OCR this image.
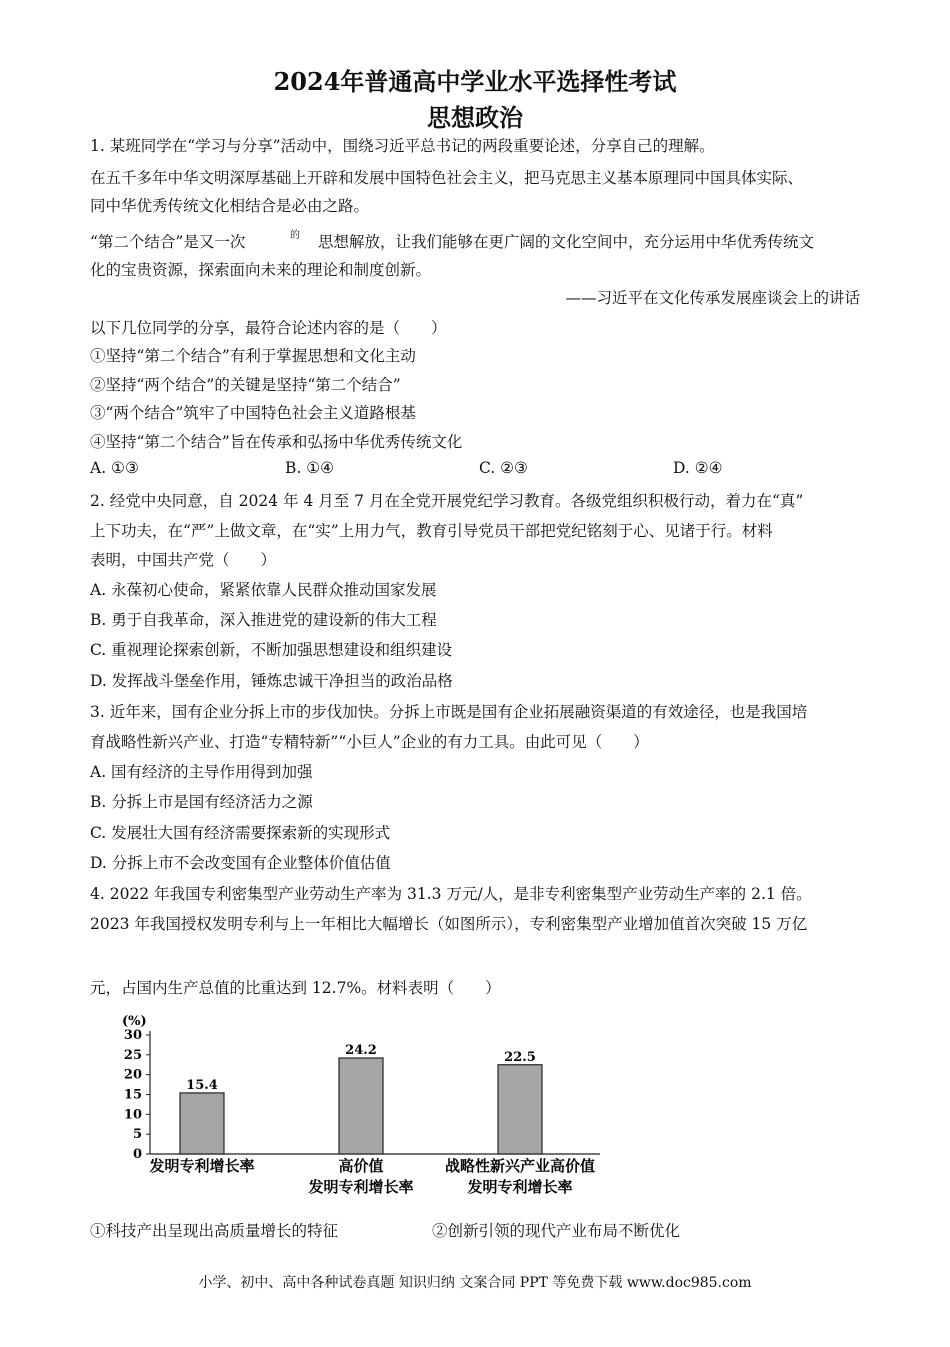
2024年普通高中学业水平选择性考试
思想政治
1. 某班同学在“学习与分享”活动中，围绕习近平总书记的两段重要论述，分享自己的理解。
在五千多年中华文明深厚基础上开辟和发展中国特色社会主义，把马克思主义基本原理同中国具体实际、
同中华优秀传统文化相结合是必由之路。
“第二个结合”是又一次	的 思想解放，让我们能够在更广阔的文化空间中，充分运用中华优秀传统文
化的宝贵资源，探索面向未来的理论和制度创新。
——习近平在文化传承发展座谈会上的讲话
以下几位同学的分享，最符合论述内容的是（　　）
①坚持“第二个结合”有利于掌握思想和文化主动
②坚持“两个结合”的关键是坚持“第二个结合”
③“两个结合”筑牢了中国特色社会主义道路根基
④坚持“第二个结合”旨在传承和弘扬中华优秀传统文化
A. ①③	B. ①④	C. ②③	D. ②④
2. 经党中央同意，自 2024 年 4 月至 7 月在全党开展党纪学习教育。各级党组织积极行动，着力在“真”
上下功夫，在“严”上做文章，在“实”上用力气，教育引导党员干部把党纪铭刻于心、见诸于行。材料
表明，中国共产党（　　）
A. 永葆初心使命，紧紧依靠人民群众推动国家发展
B. 勇于自我革命，深入推进党的建设新的伟大工程
C. 重视理论探索创新，不断加强思想建设和组织建设
D. 发挥战斗堡垒作用，锤炼忠诚干净担当的政治品格
3. 近年来，国有企业分拆上市的步伐加快。分拆上市既是国有企业拓展融资渠道的有效途径，也是我国培
育战略性新兴产业、打造“专精特新”“小巨人”企业的有力工具。由此可见（　　）
A. 国有经济的主导作用得到加强
B. 分拆上市是国有经济活力之源
C. 发展壮大国有经济需要探索新的实现形式
D. 分拆上市不会改变国有企业整体价值估值
4. 2022 年我国专利密集型产业劳动生产率为 31.3 万元/人，是非专利密集型产业劳动生产率的 2.1 倍。
2023 年我国授权发明专利与上一年相比大幅增长（如图所示），专利密集型产业增加值首次突破 15 万亿
元，占国内生产总值的比重达到 12.7%。材料表明（　　）
(%)
0
5
10
15
20
25
30
15.4
发明专利增长率
24.2
高价值
发明专利增长率
22.5
战略性新兴产业高价值
发明专利增长率
①科技产出呈现出高质量增长的特征	②创新引领的现代产业布局不断优化
小学、初中、高中各种试卷真题 知识归纳 文案合同 PPT 等免费下载 www.doc985.com
